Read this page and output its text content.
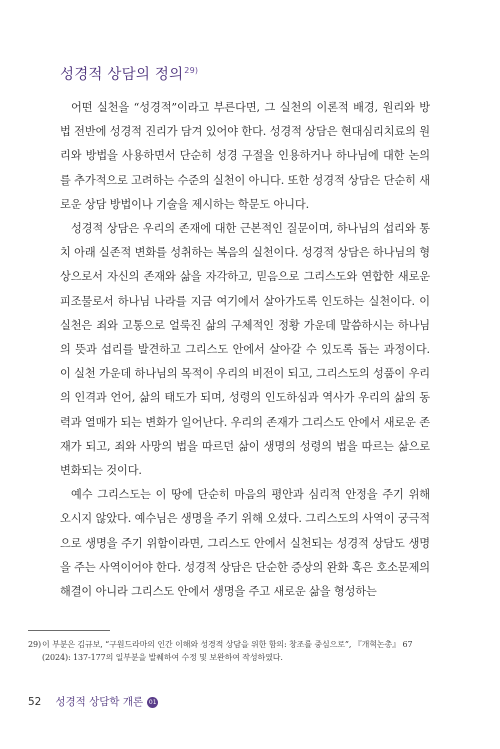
성경적 상담의 정의$^{29)}$

어떤 실천을 “성경적”이라고 부른다면, 그 실천의 이론적 배경, 원리와 방법 전반에 성경적 진리가 담겨 있어야 한다. 성경적 상담은 현대심리치료의 원리와 방법을 사용하면서 단순히 성경 구절을 인용하거나 하나님에 대한 논의를 추가적으로 고려하는 수준의 실천이 아니다. 또한 성경적 상담은 단순히 새로운 상담 방법이나 기술을 제시하는 학문도 아니다.

성경적 상담은 우리의 존재에 대한 근본적인 질문이며, 하나님의 섭리와 통치 아래 실존적 변화를 성취하는 복음의 실천이다. 성경적 상담은 하나님의 형상으로서 자신의 존재와 삶을 자각하고, 믿음으로 그리스도와 연합한 새로운 피조물로서 하나님 나라를 지금 여기에서 살아가도록 인도하는 실천이다. 이 실천은 죄와 고통으로 얼룩진 삶의 구체적인 정황 가운데 말씀하시는 하나님의 뜻과 섭리를 발견하고 그리스도 안에서 살아갈 수 있도록 돕는 과정이다. 이 실천 가운데 하나님의 목적이 우리의 비전이 되고, 그리스도의 성품이 우리의 인격과 언어, 삶의 태도가 되며, 성령의 인도하심과 역사가 우리의 삶의 동력과 열매가 되는 변화가 일어난다. 우리의 존재가 그리스도 안에서 새로운 존재가 되고, 죄와 사망의 법을 따르던 삶이 생명의 성령의 법을 따르는 삶으로 변화되는 것이다.

예수 그리스도는 이 땅에 단순히 마음의 평안과 심리적 안정을 주기 위해 오시지 않았다. 예수님은 생명을 주기 위해 오셨다. 그리스도의 사역이 궁극적으로 생명을 주기 위함이라면, 그리스도 안에서 실천되는 성경적 상담도 생명을 주는 사역이어야 한다. 성경적 상담은 단순한 증상의 완화 혹은 호소문제의 해결이 아니라 그리스도 안에서 생명을 주고 새로운 삶을 형성하는

29)이 부분은 김규보, “구원드라마의 인간 이해와 성경적 상담을 위한 함의: 창조를 중심으로”, 『개혁논총』 67
(2024): 137-177의 일부분을 발췌하여 수정 및 보완하여 작성하였다.
52 성경적 상담학 개론 01
